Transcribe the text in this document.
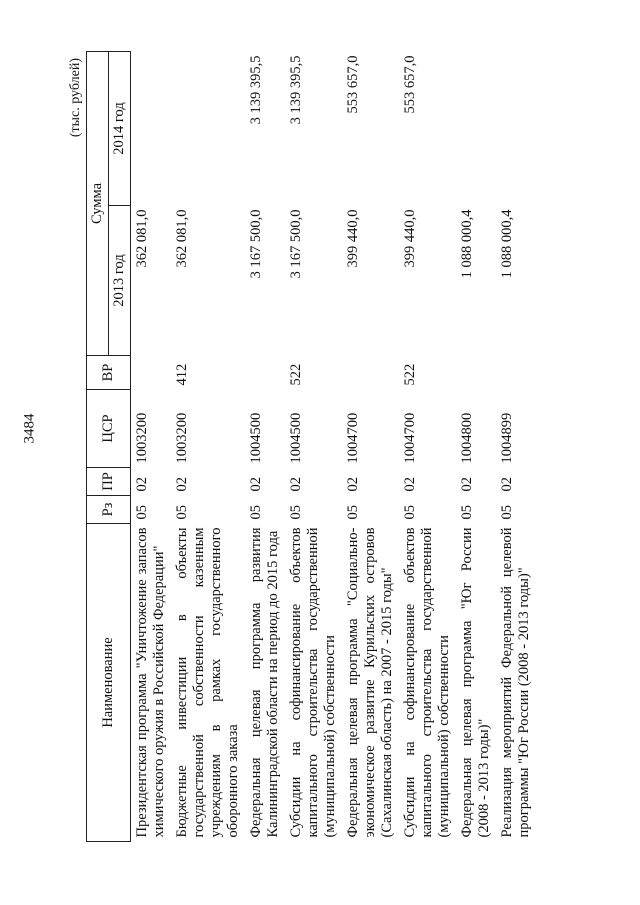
3484
(тыс. рублей)
Наименование	Рз	ПР	ЦСР	ВР	Сумма	
					2013 год	2014 год
Президентская программа "Уничтожение запасов химического оружия в Российской Федерации"	05	02	1003200		362 081,0	
Бюджетные инвестиции в объекты государственной собственности казенным учреждениям в рамках государственного оборонного заказа	05	02	1003200	412	362 081,0	
Федеральная целевая программа развития Калининградской области на период до 2015 года	05	02	1004500		3 167 500,0	3 139 395,5
Субсидии на софинансирование объектов капитального строительства государственной (муниципальной) собственности	05	02	1004500	522	3 167 500,0	3 139 395,5
Федеральная целевая программа "Социально-экономическое развитие Курильских островов (Сахалинская область) на 2007 - 2015 годы"	05	02	1004700		399 440,0	553 657,0
Субсидии на софинансирование объектов капитального строительства государственной (муниципальной) собственности	05	02	1004700	522	399 440,0	553 657,0
Федеральная целевая программа "Юг России (2008 - 2013 годы)"	05	02	1004800		1 088 000,4	
Реализация мероприятий Федеральной целевой программы "Юг России (2008 - 2013 годы)"	05	02	1004899		1 088 000,4	
